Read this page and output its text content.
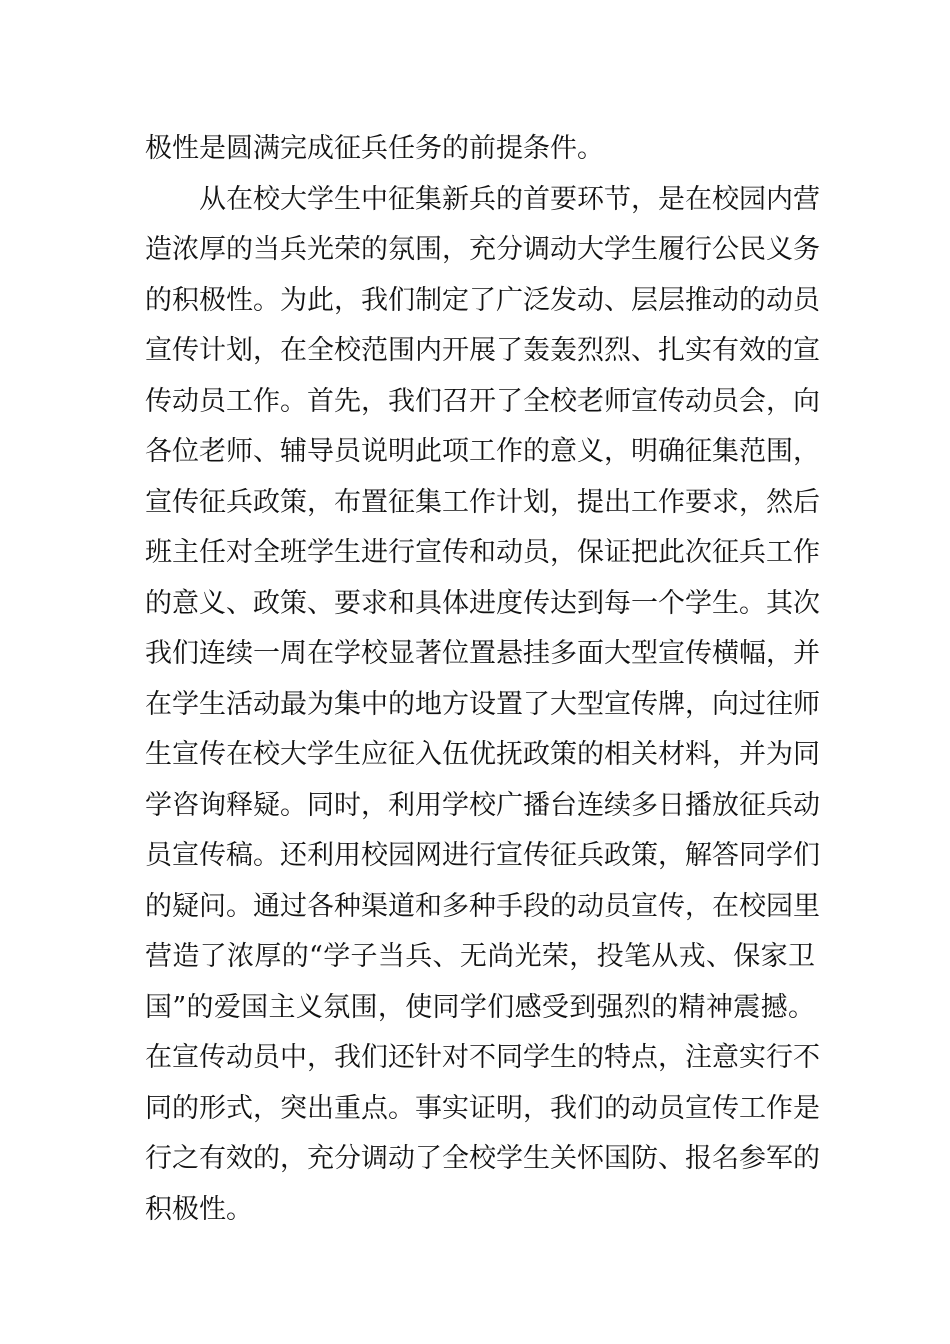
极性是圆满完成征兵任务的前提条件。
从在校大学生中征集新兵的首要环节，是在校园内营
造浓厚的当兵光荣的氛围，充分调动大学生履行公民义务
的积极性。为此，我们制定了广泛发动、层层推动的动员
宣传计划，在全校范围内开展了轰轰烈烈、扎实有效的宣
传动员工作。首先，我们召开了全校老师宣传动员会，向
各位老师、辅导员说明此项工作的意义，明确征集范围，
宣传征兵政策，布置征集工作计划，提出工作要求，然后
班主任对全班学生进行宣传和动员，保证把此次征兵工作
的意义、政策、要求和具体进度传达到每一个学生。其次
我们连续一周在学校显著位置悬挂多面大型宣传横幅，并
在学生活动最为集中的地方设置了大型宣传牌，向过往师
生宣传在校大学生应征入伍优抚政策的相关材料，并为同
学咨询释疑。同时，利用学校广播台连续多日播放征兵动
员宣传稿。还利用校园网进行宣传征兵政策，解答同学们
的疑问。通过各种渠道和多种手段的动员宣传，在校园里
营造了浓厚的“学子当兵、无尚光荣，投笔从戎、保家卫
国”的爱国主义氛围，使同学们感受到强烈的精神震撼。
在宣传动员中，我们还针对不同学生的特点，注意实行不
同的形式，突出重点。事实证明，我们的动员宣传工作是
行之有效的，充分调动了全校学生关怀国防、报名参军的
积极性。
